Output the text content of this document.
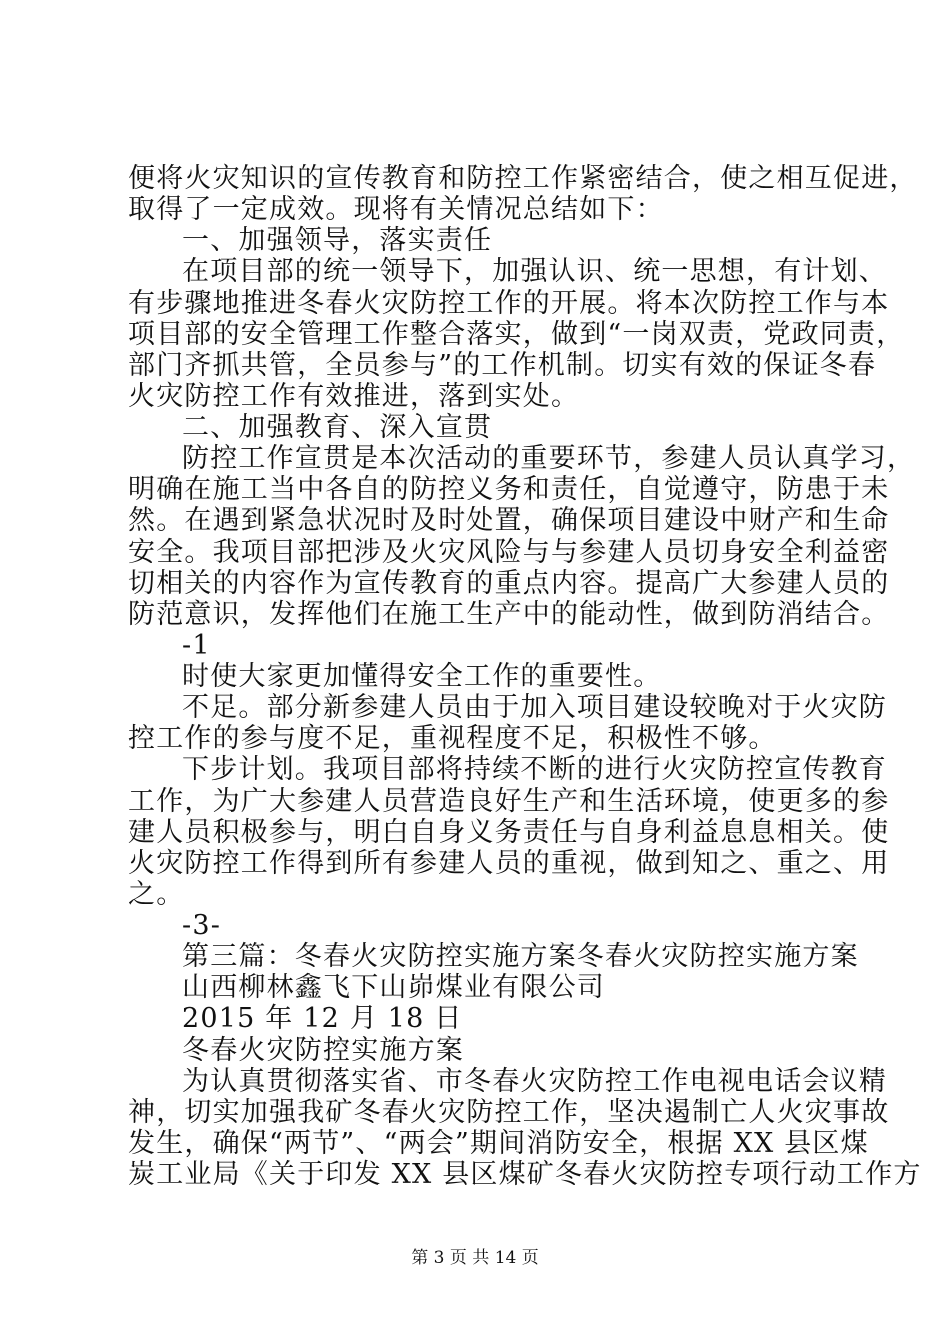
便将火灾知识的宣传教育和防控工作紧密结合，使之相互促进，
取得了一定成效。现将有关情况总结如下：
一、加强领导，落实责任
在项目部的统一领导下，加强认识、统一思想，有计划、
有步骤地推进冬春火灾防控工作的开展。将本次防控工作与本
项目部的安全管理工作整合落实，做到“一岗双责，党政同责，
部门齐抓共管，全员参与”的工作机制。切实有效的保证冬春
火灾防控工作有效推进，落到实处。
二、加强教育、深入宣贯
防控工作宣贯是本次活动的重要环节，参建人员认真学习，
明确在施工当中各自的防控义务和责任，自觉遵守，防患于未
然。在遇到紧急状况时及时处置，确保项目建设中财产和生命
安全。我项目部把涉及火灾风险与与参建人员切身安全利益密
切相关的内容作为宣传教育的重点内容。提高广大参建人员的
防范意识，发挥他们在施工生产中的能动性，做到防消结合。
-1
时使大家更加懂得安全工作的重要性。
不足。部分新参建人员由于加入项目建设较晚对于火灾防
控工作的参与度不足，重视程度不足，积极性不够。
下步计划。我项目部将持续不断的进行火灾防控宣传教育
工作，为广大参建人员营造良好生产和生活环境，使更多的参
建人员积极参与，明白自身义务责任与自身利益息息相关。使
火灾防控工作得到所有参建人员的重视，做到知之、重之、用
之。
-3-
第三篇：冬春火灾防控实施方案冬春火灾防控实施方案
山西柳林鑫飞下山峁煤业有限公司
2015 年 12 月 18 日
冬春火灾防控实施方案
为认真贯彻落实省、市冬春火灾防控工作电视电话会议精
神，切实加强我矿冬春火灾防控工作，坚决遏制亡人火灾事故
发生，确保“两节”、“两会”期间消防安全，根据 XX 县区煤
炭工业局《关于印发 XX 县区煤矿冬春火灾防控专项行动工作方
第 3 页 共 14 页
